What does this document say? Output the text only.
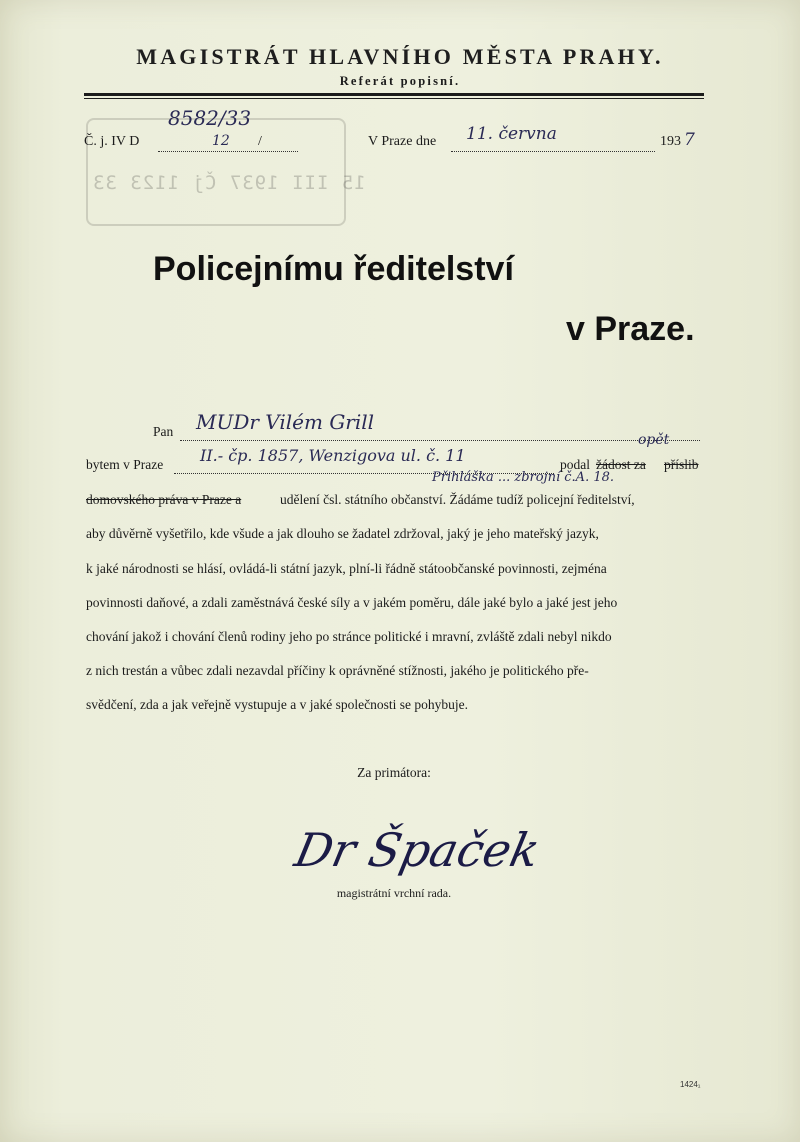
MAGISTRÁT HLAVNÍHO MĚSTA PRAHY.
Referát popisní.
15 III 1937 Čj 1123 33
8582/33
Č. j. IV D	12 /	V Praze dne 11. června	193 7
Policejnímu ředitelství
v Praze.
Pan MUDr Vilém Grill
bytem v Praze II.- čp. 1857, Wenzigova ul. č. 11
opět
podal žádost za příslib
Přihláška ... zbrojní č.A. 18.
domovského práva v Praze a	udělení čsl. státního občanství. Žádáme tudíž policejní ředitelství,
aby důvěrně vyšetřilo, kde všude a jak dlouho se žadatel zdržoval, jaký je jeho mateřský jazyk,
k jaké národnosti se hlásí, ovládá-li státní jazyk, plní-li řádně státoobčanské povinnosti, zejména
povinnosti daňové, a zdali zaměstnává české síly a v jakém poměru, dále jaké bylo a jaké jest jeho
chování jakož i chování členů rodiny jeho po stránce politické i mravní, zvláště zdali nebyl nikdo
z nich trestán a vůbec zdali nezavdal příčiny k oprávněné stížnosti, jakého je politického pře-
svědčení, zda a jak veřejně vystupuje a v jaké společnosti se pohybuje.
Za primátora:
Dr Špaček
magistrátní vrchní rada.
1424₁
